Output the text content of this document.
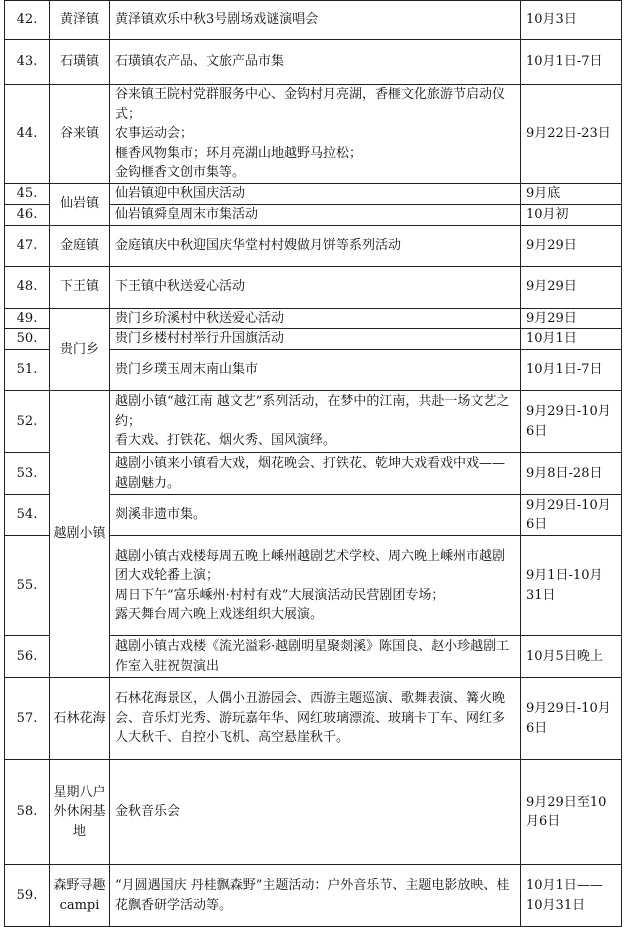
42.	黄泽镇	黄泽镇欢乐中秋3号剧场戏谜演唱会	10月3日
43.	石璜镇	石璜镇农产品、文旅产品市集	10月1日-7日
44.	谷来镇	谷来镇王院村党群服务中心、金钩村月亮湖，香榧文化旅游节启动仪式；
农事运动会；
榧香风物集市；环月亮湖山地越野马拉松；
金钩榧香文创市集等。	9月22日-23日
45.	仙岩镇	仙岩镇迎中秋国庆活动	9月底
46.		仙岩镇舜皇周末市集活动	10月初
47.	金庭镇	金庭镇庆中秋迎国庆华堂村村嫂做月饼等系列活动	9月29日
48.	下王镇	下王镇中秋送爱心活动	9月29日
49.	贵门乡	贵门乡玠溪村中秋送爱心活动	9月29日
50.		贵门乡楼村村举行升国旗活动	10月1日
51.		贵门乡璞玉周末南山集市	10月1日-7日
52.	越剧小镇	越剧小镇“越江南 越文艺”系列活动，在梦中的江南，共赴一场文艺之约；
看大戏、打铁花、烟火秀、国风演绎。	9月29日-10月6日
53.		越剧小镇来小镇看大戏，烟花晚会、打铁花、乾坤大戏看戏中戏——越剧魅力。	9月8日-28日
54.		剡溪非遗市集。	9月29日-10月6日
55.		越剧小镇古戏楼每周五晚上嵊州越剧艺术学校、周六晚上嵊州市越剧团大戏轮番上演；
周日下午“富乐嵊州·村村有戏”大展演活动民营剧团专场；
露天舞台周六晚上戏迷组织大展演。	9月1日-10月31日
56.		越剧小镇古戏楼《流光溢彩·越剧明星聚剡溪》陈国良、赵小珍越剧工作室入驻祝贺演出	10月5日晚上
57.	石林花海	石林花海景区，人偶小丑游园会、西游主题巡演、歌舞表演、篝火晚会、音乐灯光秀、游玩嘉年华、网红玻璃漂流、玻璃卡丁车、网红多人大秋千、自控小飞机、高空悬崖秋千。	9月29日-10月6日
58.	星期八户外休闲基地	金秋音乐会	9月29日至10月6日
59.	森野寻趣campi	“月圆遇国庆 丹桂飘森野”主题活动：户外音乐节、主题电影放映、桂花飘香研学活动等。	10月1日——10月31日
